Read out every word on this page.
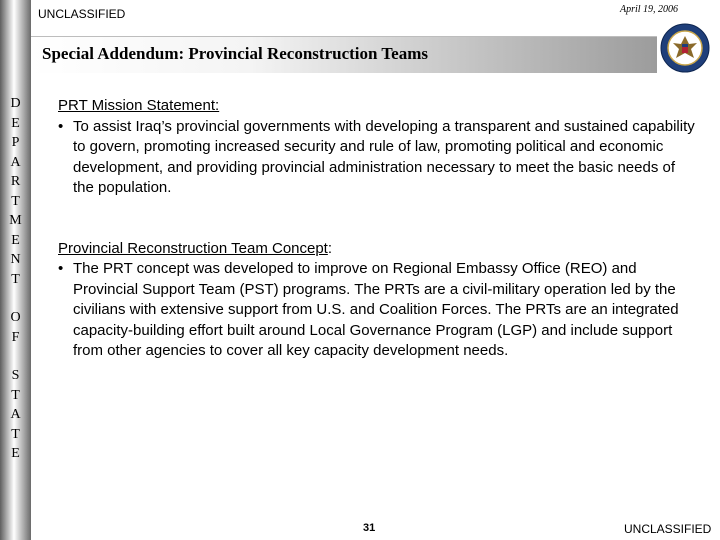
D
E
P
A
R
T
M
E
N
T
O
F
S
T
A
T
E
UNCLASSIFIED	April 19, 2006
Special Addendum: Provincial Reconstruction Teams
PRT Mission Statement:
• To assist Iraq’s provincial governments with developing a transparent and sustained capability to govern, promoting increased security and rule of law, promoting political and economic development, and providing provincial administration necessary to meet the basic needs of the population.
Provincial Reconstruction Team Concept:
• The PRT concept was developed to improve on Regional Embassy Office (REO) and Provincial Support Team (PST) programs. The PRTs are a civil-military operation led by the civilians with extensive support from U.S. and Coalition Forces. The PRTs are an integrated capacity-building effort built around Local Governance Program (LGP) and include support from other agencies to cover all key capacity development needs.
31	UNCLASSIFIED
